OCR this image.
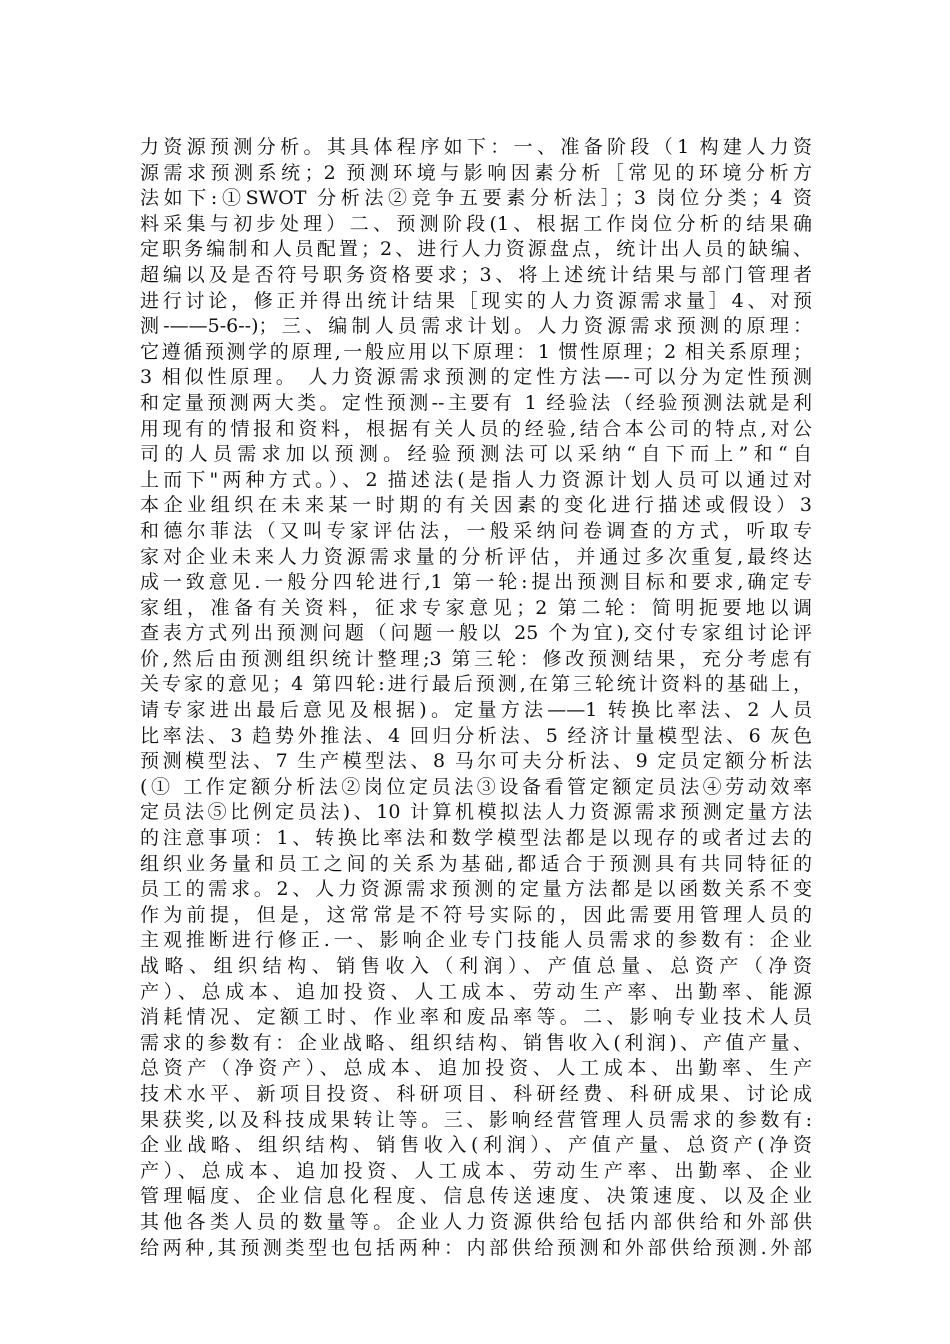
力资源预测分析。其具体程序如下：一、准备阶段（1 构建人力资
源需求预测系统；2 预测环境与影响因素分析［常见的环境分析方
法如下:①SWOT 分析法②竞争五要素分析法］；3 岗位分类；4 资
料采集与初步处理）二、预测阶段(1、根据工作岗位分析的结果确
定职务编制和人员配置；2、进行人力资源盘点，统计出人员的缺编、
超编以及是否符号职务资格要求；3、将上述统计结果与部门管理者
进行讨论，修正并得出统计结果［现实的人力资源需求量］4、对预
测-——5-6--)；三、编制人员需求计划。人力资源需求预测的原理：
它遵循预测学的原理,一般应用以下原理：1 惯性原理；2 相关系原理；
3 相似性原理。 人力资源需求预测的定性方法—-可以分为定性预测
和定量预测两大类。定性预测--主要有 1 经验法（经验预测法就是利
用现有的情报和资料，根据有关人员的经验,结合本公司的特点,对公
司的人员需求加以预测。经验预测法可以采纳“自下而上”和“自
上而下"两种方式。）、2 描述法(是指人力资源计划人员可以通过对
本企业组织在未来某一时期的有关因素的变化进行描述或假设）3
和德尔菲法（又叫专家评估法，一般采纳问卷调查的方式，听取专
家对企业未来人力资源需求量的分析评估，并通过多次重复,最终达
成一致意见.一般分四轮进行,1 第一轮:提出预测目标和要求,确定专
家组，准备有关资料，征求专家意见；2 第二轮：简明扼要地以调
查表方式列出预测问题（问题一般以 25 个为宜),交付专家组讨论评
价,然后由预测组织统计整理;3 第三轮：修改预测结果，充分考虑有
关专家的意见；4 第四轮:进行最后预测,在第三轮统计资料的基础上，
请专家进出最后意见及根据)。定量方法——1 转换比率法、2 人员
比率法、3 趋势外推法、4 回归分析法、5 经济计量模型法、6 灰色
预测模型法、7 生产模型法、8 马尔可夫分析法、9 定员定额分析法
(① 工作定额分析法②岗位定员法③设备看管定额定员法④劳动效率
定员法⑤比例定员法)、10 计算机模拟法人力资源需求预测定量方法
的注意事项：1、转换比率法和数学模型法都是以现存的或者过去的
组织业务量和员工之间的关系为基础,都适合于预测具有共同特征的
员工的需求。2、人力资源需求预测的定量方法都是以函数关系不变
作为前提，但是，这常常是不符号实际的，因此需要用管理人员的
主观推断进行修正.一、影响企业专门技能人员需求的参数有：企业
战略、组织结构、销售收入（利润）、产值总量、总资产（净资
产）、总成本、追加投资、人工成本、劳动生产率、出勤率、能源
消耗情况、定额工时、作业率和废品率等。二、影响专业技术人员
需求的参数有：企业战略、组织结构、销售收入(利润)、产值产量、
总资产（净资产）、总成本、追加投资、人工成本、出勤率、生产
技术水平、新项目投资、科研项目、科研经费、科研成果、讨论成
果获奖,以及科技成果转让等。三、影响经营管理人员需求的参数有:
企业战略、组织结构、销售收入(利润）、产值产量、总资产(净资
产）、总成本、追加投资、人工成本、劳动生产率、出勤率、企业
管理幅度、企业信息化程度、信息传送速度、决策速度、以及企业
其他各类人员的数量等。企业人力资源供给包括内部供给和外部供
给两种,其预测类型也包括两种：内部供给预测和外部供给预测.外部
